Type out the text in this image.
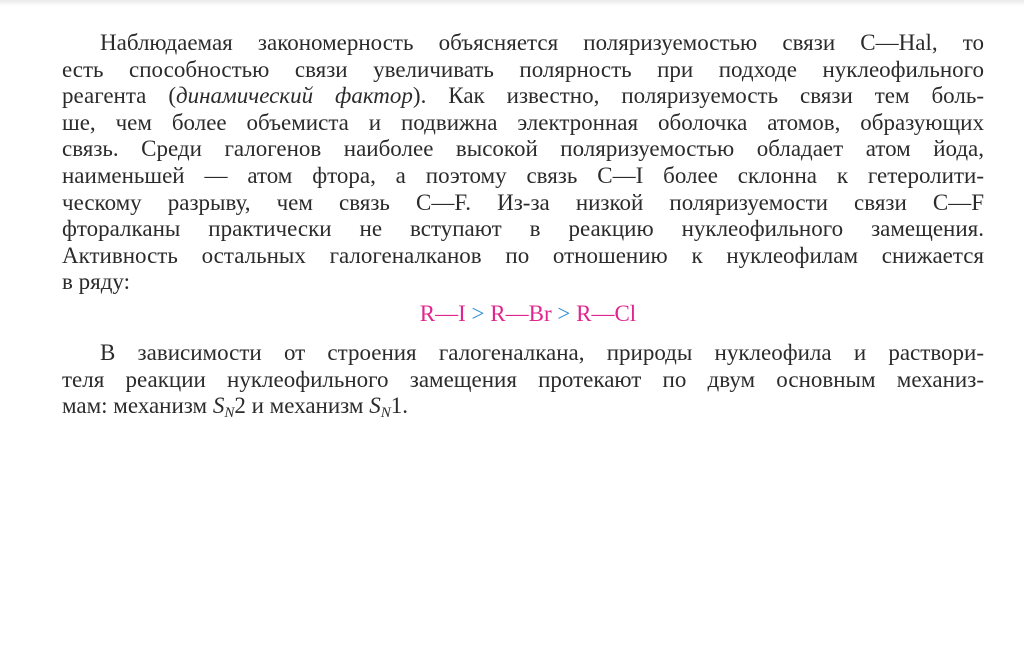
Наблюдаемая закономерность объясняется поляризуемостью связи C—Hal, то
есть способностью связи увеличивать полярность при подходе нуклеофильного
реагента (динамический фактор). Как известно, поляризуемость связи тем боль-
ше, чем более объемиста и подвижна электронная оболочка атомов, образующих
связь. Среди галогенов наиболее высокой поляризуемостью обладает атом йода,
наименьшей — атом фтора, а поэтому связь C—I более склонна к гетеролити-
ческому разрыву, чем связь C—F. Из-за низкой поляризуемости связи C—F
фторалканы практически не вступают в реакцию нуклеофильного замещения.
Активность остальных галогеналканов по отношению к нуклеофилам снижается
в ряду:
R—I > R—Br > R—Cl
В зависимости от строения галогеналкана, природы нуклеофила и раствори-
теля реакции нуклеофильного замещения протекают по двум основным механиз-
мам: механизм $S_N2$ и механизм $S_N1$.
